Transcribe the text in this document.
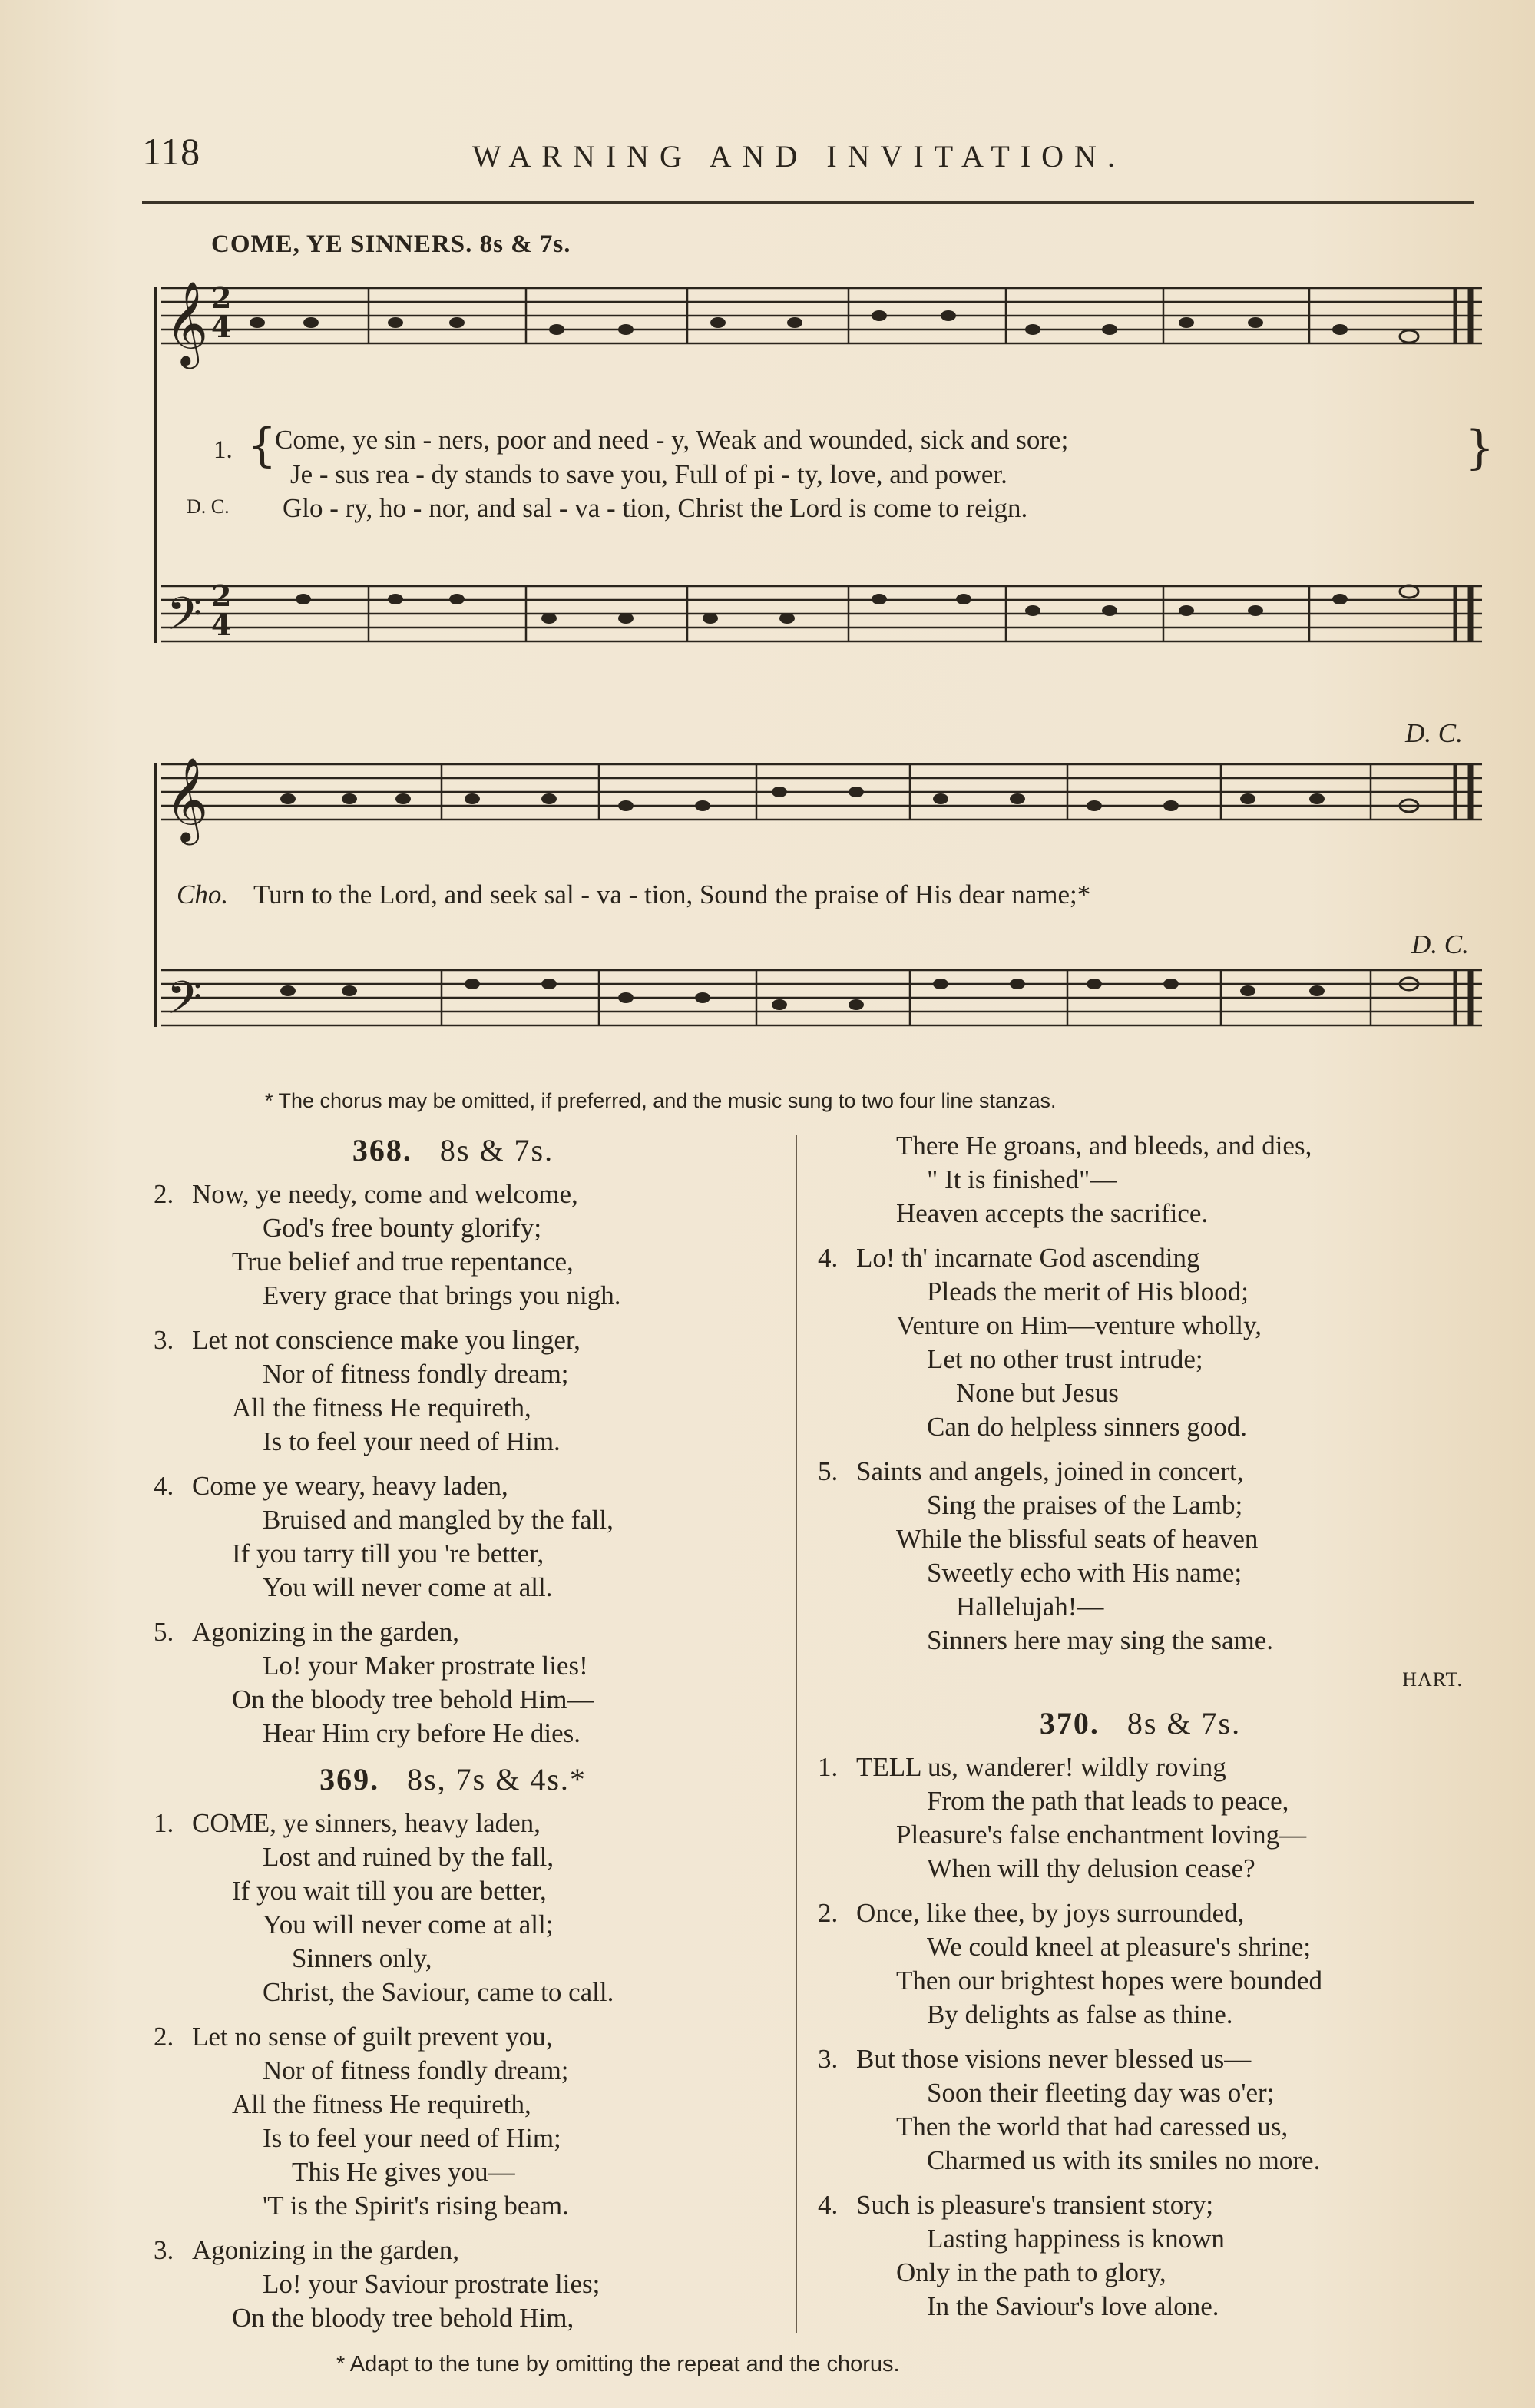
118	WARNING AND INVITATION.
COME, YE SINNERS. 8s & 7s.
𝄞
𝄢
2
4
2
4
1. {
Come, ye sin - ners, poor and need - y, Weak and wounded, sick and sore;
Je - sus rea - dy stands to save you, Full of pi - ty, love, and power.
D. C. Glo - ry, ho - nor, and sal - va - tion, Christ the Lord is come to reign.
}
𝄞
𝄢
D. C.
D. C.
Cho. Turn to the Lord, and seek sal - va - tion, Sound the praise of His dear name;*
* The chorus may be omitted, if preferred, and the music sung to two four line stanzas.
368. 8s & 7s.
2. Now, ye needy, come and welcome,
God's free bounty glorify;
True belief and true repentance,
Every grace that brings you nigh.
3. Let not conscience make you linger,
Nor of fitness fondly dream;
All the fitness He requireth,
Is to feel your need of Him.
4. Come ye weary, heavy laden,
Bruised and mangled by the fall,
If you tarry till you 're better,
You will never come at all.
5. Agonizing in the garden,
Lo! your Maker prostrate lies!
On the bloody tree behold Him—
Hear Him cry before He dies.
369. 8s, 7s & 4s.*
1. COME, ye sinners, heavy laden,
Lost and ruined by the fall,
If you wait till you are better,
You will never come at all;
Sinners only,
Christ, the Saviour, came to call.
2. Let no sense of guilt prevent you,
Nor of fitness fondly dream;
All the fitness He requireth,
Is to feel your need of Him;
This He gives you—
'T is the Spirit's rising beam.
3. Agonizing in the garden,
Lo! your Saviour prostrate lies;
On the bloody tree behold Him,
There He groans, and bleeds, and dies,
" It is finished"—
Heaven accepts the sacrifice.
4. Lo! th' incarnate God ascending
Pleads the merit of His blood;
Venture on Him—venture wholly,
Let no other trust intrude;
None but Jesus
Can do helpless sinners good.
5. Saints and angels, joined in concert,
Sing the praises of the Lamb;
While the blissful seats of heaven
Sweetly echo with His name;
Hallelujah!—
Sinners here may sing the same.
HART.
370. 8s & 7s.
1. TELL us, wanderer! wildly roving
From the path that leads to peace,
Pleasure's false enchantment loving—
When will thy delusion cease?
2. Once, like thee, by joys surrounded,
We could kneel at pleasure's shrine;
Then our brightest hopes were bounded
By delights as false as thine.
3. But those visions never blessed us—
Soon their fleeting day was o'er;
Then the world that had caressed us,
Charmed us with its smiles no more.
4. Such is pleasure's transient story;
Lasting happiness is known
Only in the path to glory,
In the Saviour's love alone.
* Adapt to the tune by omitting the repeat and the chorus.
